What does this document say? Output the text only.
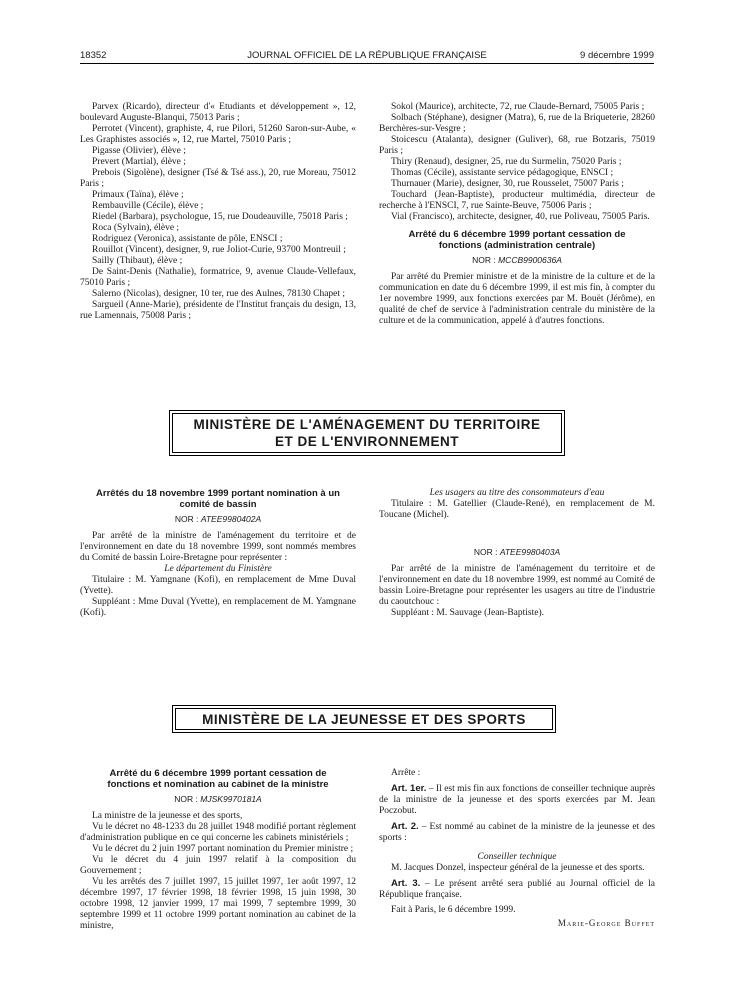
18352	JOURNAL OFFICIEL DE LA RÉPUBLIQUE FRANÇAISE	9 décembre 1999

Parvex (Ricardo), directeur d'« Etudiants et développement », 12, boulevard Auguste-Blanqui, 75013 Paris ;

Perrotet (Vincent), graphiste, 4, rue Pilori, 51260 Saron-sur-Aube, « Les Graphistes associés », 12, rue Martel, 75010 Paris ;

Pigasse (Olivier), élève ;

Prevert (Martial), élève ;

Prebois (Sigolène), designer (Tsé & Tsé ass.), 20, rue Moreau, 75012 Paris ;

Primaux (Taïna), élève ;

Rembauville (Cécile), élève ;

Riedel (Barbara), psychologue, 15, rue Doudeauville, 75018 Paris ;

Roca (Sylvain), élève ;

Rodriguez (Veronica), assistante de pôle, ENSCI ;

Rouillot (Vincent), designer, 9, rue Joliot-Curie, 93700 Montreuil ;

Sailly (Thibaut), élève ;

De Saint-Denis (Nathalie), formatrice, 9, avenue Claude-Vellefaux, 75010 Paris ;

Salerno (Nicolas), designer, 10 ter, rue des Aulnes, 78130 Chapet ;

Sargueil (Anne-Marie), présidente de l'Institut français du design, 13, rue Lamennais, 75008 Paris ;

Sokol (Maurice), architecte, 72, rue Claude-Bernard, 75005 Paris ;

Solbach (Stéphane), designer (Matra), 6, rue de la Briqueterie, 28260 Berchères-sur-Vesgre ;

Stoicescu (Atalanta), designer (Guliver), 68, rue Botzaris, 75019 Paris ;

Thiry (Renaud), designer, 25, rue du Surmelin, 75020 Paris ;

Thomas (Cécile), assistante service pédagogique, ENSCI ;

Thurnauer (Marie), designer, 30, rue Rousselet, 75007 Paris ;

Touchard (Jean-Baptiste), producteur multimédia, directeur de recherche à l'ENSCI, 7, rue Sainte-Beuve, 75006 Paris ;

Vial (Francisco), architecte, designer, 40, rue Poliveau, 75005 Paris.

Arrêté du 6 décembre 1999 portant cessation de fonctions (administration centrale)
NOR : MCCB9900636A

Par arrêté du Premier ministre et de la ministre de la culture et de la communication en date du 6 décembre 1999, il est mis fin, à compter du 1er novembre 1999, aux fonctions exercées par M. Bouët (Jérôme), en qualité de chef de service à l'administration centrale du ministère de la culture et de la communication, appelé à d'autres fonctions.

MINISTÈRE DE L'AMÉNAGEMENT DU TERRITOIRE
ET DE L'ENVIRONNEMENT
Arrêtés du 18 novembre 1999 portant nomination à un comité de bassin
NOR : ATEE9980402A

Par arrêté de la ministre de l'aménagement du territoire et de l'environnement en date du 18 novembre 1999, sont nommés membres du Comité de bassin Loire-Bretagne pour représenter :

Le département du Finistère

Titulaire : M. Yamgnane (Kofi), en remplacement de Mme Duval (Yvette).

Suppléant : Mme Duval (Yvette), en remplacement de M. Yamgnane (Kofi).

Les usagers au titre des consommateurs d'eau

Titulaire : M. Gatellier (Claude-René), en remplacement de M. Toucane (Michel).

NOR : ATEE9980403A

Par arrêté de la ministre de l'aménagement du territoire et de l'environnement en date du 18 novembre 1999, est nommé au Comité de bassin Loire-Bretagne pour représenter les usagers au titre de l'industrie du caoutchouc :

Suppléant : M. Sauvage (Jean-Baptiste).

MINISTÈRE DE LA JEUNESSE ET DES SPORTS
Arrêté du 6 décembre 1999 portant cessation de fonctions et nomination au cabinet de la ministre
NOR : MJSK9970181A

La ministre de la jeunesse et des sports,

Vu le décret no 48-1233 du 28 juillet 1948 modifié portant règlement d'administration publique en ce qui concerne les cabinets ministériels ;

Vu le décret du 2 juin 1997 portant nomination du Premier ministre ;

Vu le décret du 4 juin 1997 relatif à la composition du Gouvernement ;

Vu les arrêtés des 7 juillet 1997, 15 juillet 1997, 1er août 1997, 12 décembre 1997, 17 février 1998, 18 février 1998, 15 juin 1998, 30 octobre 1998, 12 janvier 1999, 17 mai 1999, 7 septembre 1999, 30 septembre 1999 et 11 octobre 1999 portant nomination au cabinet de la ministre,

Arrête :

Art. 1er. – Il est mis fin aux fonctions de conseiller technique auprès de la ministre de la jeunesse et des sports exercées par M. Jean Poczobut.

Art. 2. – Est nommé au cabinet de la ministre de la jeunesse et des sports :

Conseiller technique

M. Jacques Donzel, inspecteur général de la jeunesse et des sports.

Art. 3. – Le présent arrêté sera publié au Journal officiel de la République française.

Fait à Paris, le 6 décembre 1999.

Marie-George Buffet
